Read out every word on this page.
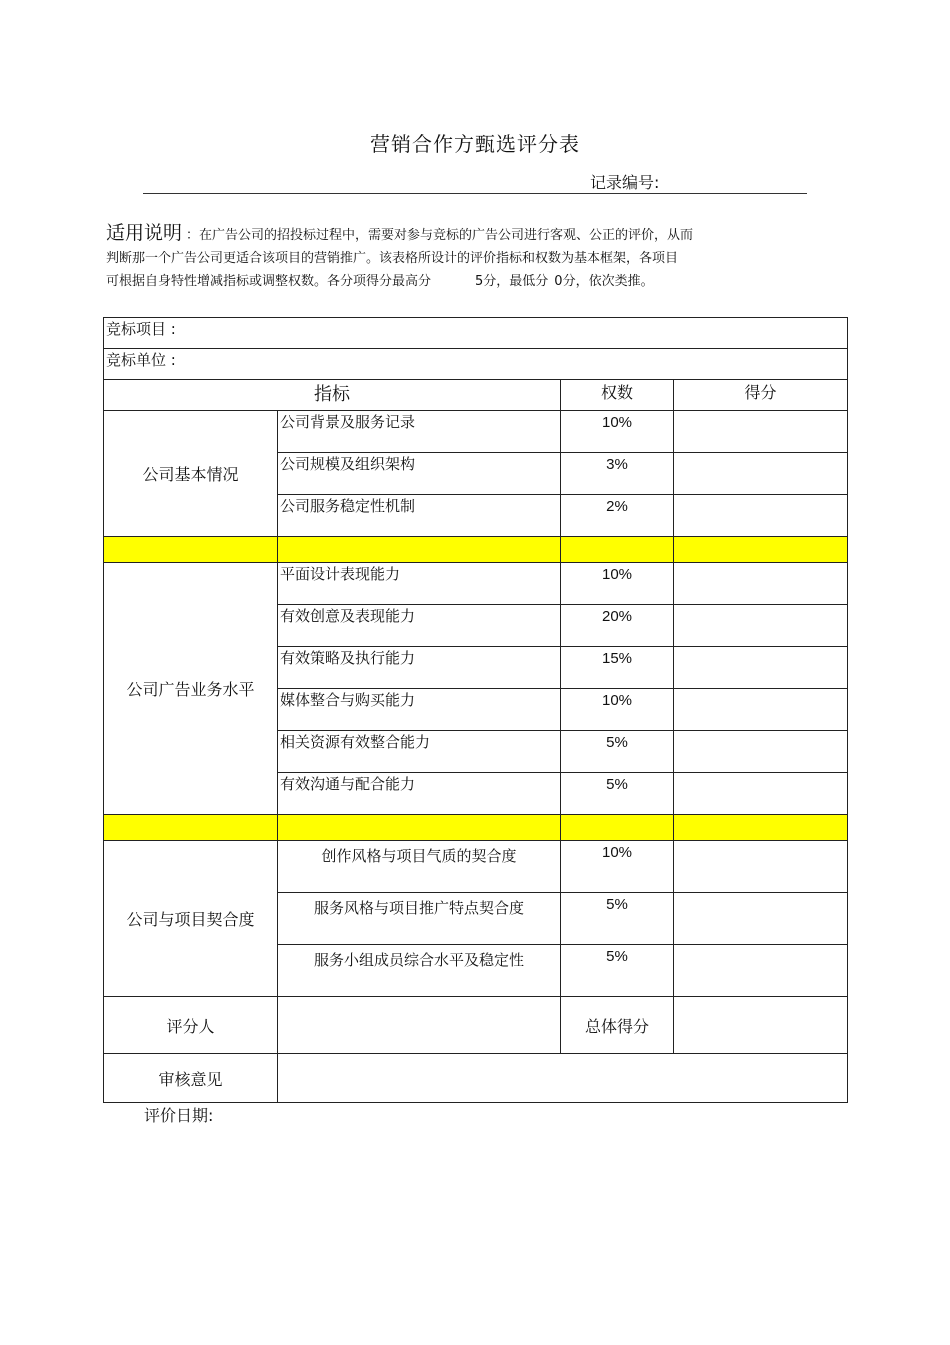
营销合作方甄选评分表
记录编号:
适用说明 ：在广告公司的招投标过程中，需要对参与竞标的广告公司进行客观、公正的评价，从而
判断那一个广告公司更适合该项目的营销推广。该表格所设计的评价指标和权数为基本框架，各项目
可根据自身特性增减指标或调整权数。各分项得分最高分	5分，最低分 0分，依次类推。
竞标项目 :			
竞标单位 :			
指标		权数	得分
公司基本情况	公司背景及服务记录	10%	
	公司规模及组织架构	3%	
	公司服务稳定性机制	2%	

公司广告业务水平	平面设计表现能力	10%	
	有效创意及表现能力	20%	
	有效策略及执行能力	15%	
	媒体整合与购买能力	10%	
	相关资源有效整合能力	5%	
	有效沟通与配合能力	5%	

公司与项目契合度	创作风格与项目气质的契合度	10%	
	服务风格与项目推广特点契合度	5%	
	服务小组成员综合水平及稳定性	5%	
评分人		总体得分	
审核意见			
评价日期:
